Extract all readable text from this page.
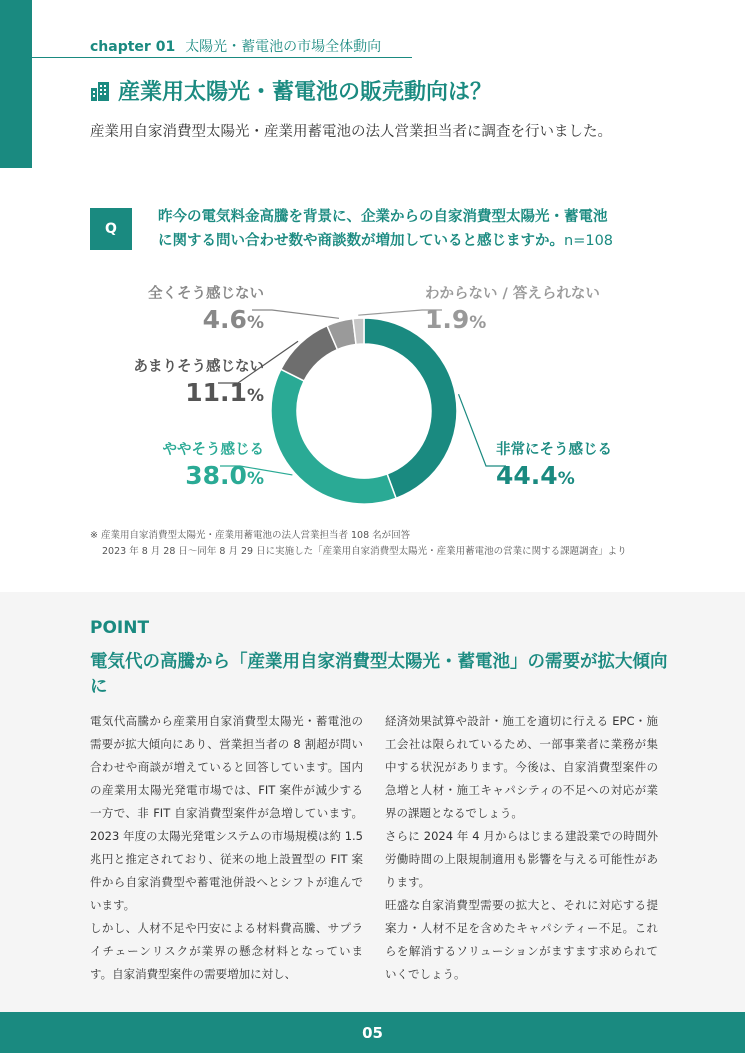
chapter 01 太陽光・蓄電池の市場全体動向
産業用太陽光・蓄電池の販売動向は？
産業用自家消費型太陽光・産業用蓄電池の法人営業担当者に調査を行いました。
Q
昨今の電気料金高騰を背景に、企業からの自家消費型太陽光・蓄電池
に関する問い合わせ数や商談数が増加していると感じますか。n=108
非常にそう感じる
44.4%
ややそう感じる
38.0%
あまりそう感じない
11.1%
全くそう感じない
4.6%
わからない / 答えられない
1.9%
※ 産業用自家消費型太陽光・産業用蓄電池の法人営業担当者 108 名が回答
2023 年 8 月 28 日～同年 8 月 29 日に実施した「産業用自家消費型太陽光・産業用蓄電池の営業に関する課題調査」より
POINT
電気代の高騰から「産業用自家消費型太陽光・蓄電池」の需要が拡大傾向に

電気代高騰から産業用自家消費型太陽光・蓄電池の需要が拡大傾向にあり、営業担当者の 8 割超が問い合わせや商談が増えていると回答しています。国内の産業用太陽光発電市場では、FIT 案件が減少する一方で、非 FIT 自家消費型案件が急増しています。2023 年度の太陽光発電システムの市場規模は約 1.5 兆円と推定されており、従来の地上設置型の FIT 案件から自家消費型や蓄電池併設へとシフトが進んでいます。

しかし、人材不足や円安による材料費高騰、サプライチェーンリスクが業界の懸念材料となっています。自家消費型案件の需要増加に対し、

経済効果試算や設計・施工を適切に行える EPC・施工会社は限られているため、一部事業者に業務が集中する状況があります。今後は、自家消費型案件の急増と人材・施工キャパシティの不足への対応が業界の課題となるでしょう。

さらに 2024 年 4 月からはじまる建設業での時間外労働時間の上限規制適用も影響を与える可能性があります。

旺盛な自家消費型需要の拡大と、それに対応する提案力・人材不足を含めたキャパシティー不足。これらを解消するソリューションがますます求められていくでしょう。

05
